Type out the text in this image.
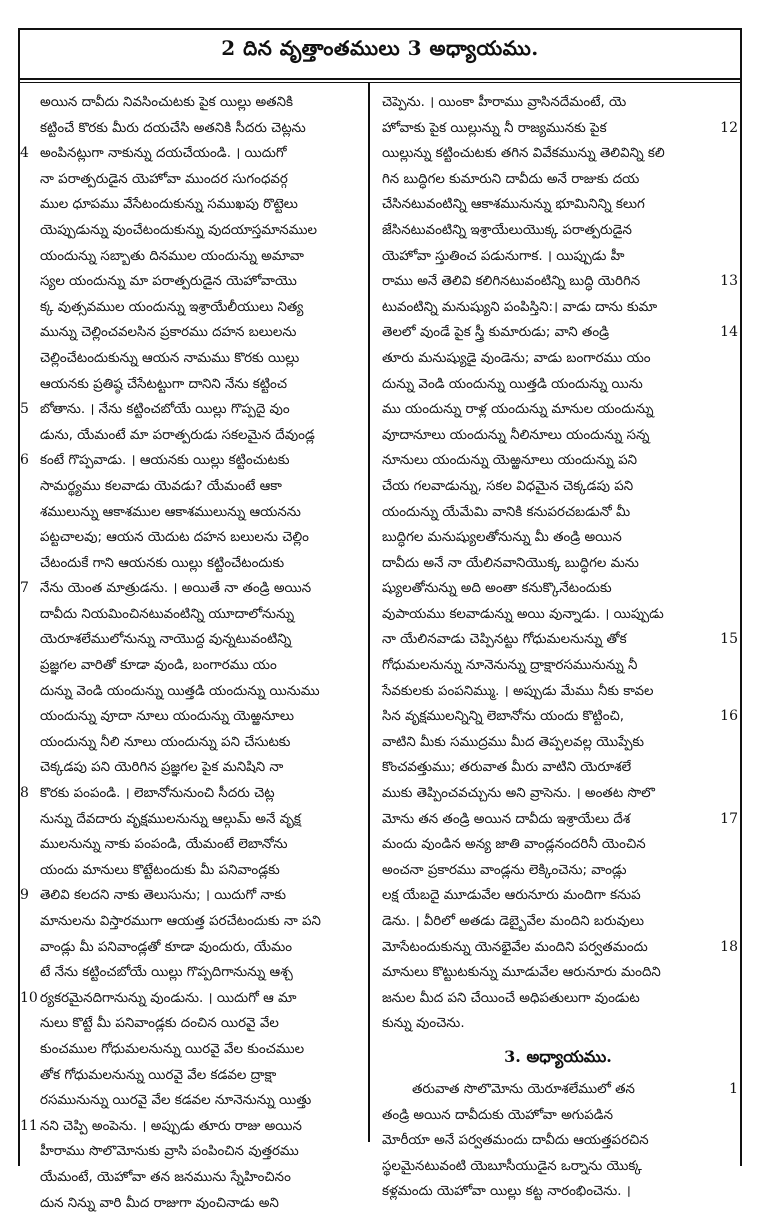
2 దిన వృత్తాంతములు 3 అధ్యాయము.
అయిన దావీదు నివసించుటకు పైక యిల్లు అతనికి
కట్టించే కొరకు మీరు దయచేసి అతనికి సీదరు చెట్లను
4 అంపినట్లుగా నాకున్ను దయచేయండి. । యిదుగో
నా పరాత్పరుడైన యెహోవా ముందర సుగంధవర్గ
ముల ధూపము వేసేటందుకున్ను సముఖపు రొట్టెలు
యెప్పుడున్ను వుంచేటందుకున్ను వుదయాస్తమానముల
యందున్ను సబ్బాతు దినముల యందున్ను అమావా
స్యల యందున్ను మా పరాత్పరుడైన యెహోవాయొ
క్క వుత్సవముల యందున్ను ఇశ్రాయేలీయులు నిత్య
మున్ను చెల్లించవలసిన ప్రకారము దహన బలులను
చెల్లించేటందుకున్ను ఆయన నామము కొరకు యిల్లు
ఆయనకు ప్రతిష్ఠ చేసేటట్టుగా దానిని నేను కట్టించ
5 బోతాను. । నేను కట్టించబోయే యిల్లు గొప్పదై వుం
డును, యేమంటే మా పరాత్పరుడు సకలమైన దేవుండ్ల
6 కంటే గొప్పవాడు. । ఆయనకు యిల్లు కట్టించుటకు
సామర్థ్యము కలవాడు యెవడు? యేమంటే ఆకా
శములున్ను ఆకాశముల ఆకాశములున్ను ఆయనను
పట్టచాలవు; ఆయన యెదుట దహన బలులను చెల్లిం
చేటందుకే గాని ఆయనకు యిల్లు కట్టించేటందుకు
7 నేను యెంత మాత్రుడను. । అయితే నా తండ్రి అయిన
దావీదు నియమించినటువంటిన్ని యూదాలోనున్ను
యెరూశలేములోనున్ను నాయొద్ద వున్నటువంటిన్ని
ప్రజ్ఞగల వారితో కూడా వుండి, బంగారము యం
దున్ను వెండి యందున్ను యిత్తడి యందున్ను యినుము
యందున్ను వూదా నూలు యందున్ను యెఱ్ఱనూలు
యందున్ను నీలి నూలు యందున్ను పని చేసుటకు
చెక్కడపు పని యెరిగిన ప్రజ్ఞగల పైక మనిషిని నా
8 కొరకు పంపండి. । లెబానోనునుంచి సీదరు చెట్ల
నున్ను దేవదారు వృక్షములనున్ను ఆల్గుమ్ అనే వృక్ష
ములనున్ను నాకు పంపండి, యేమంటే లెబానోను
యందు మానులు కొట్టేటందుకు మీ పనివాండ్లకు
9 తెలివి కలదని నాకు తెలుసును; । యిదుగో నాకు
మానులను విస్తారముగా ఆయత్త పరచేటందుకు నా పని
వాండ్లు మీ పనివాండ్లతో కూడా వుందురు, యేమం
టే నేను కట్టించబోయే యిల్లు గొప్పదిగానున్ను ఆశ్చ
10 ర్యకరమైనదిగానున్ను వుండును. । యిదుగో ఆ మా
నులు కొట్టే మీ పనివాండ్లకు దంచిన యిరవై వేల
కుంచముల గోధుమలనున్ను యిరవై వేల కుంచముల
తోక గోధుమలనున్ను యిరవై వేల కడవల ద్రాక్షా
రసమునున్ను యిరవై వేల కడవల నూనెనున్ను యిత్తు
11 నని చెప్పి అంపెను. । అప్పుడు తూరు రాజు అయిన
హీరాము సొలొమోనుకు వ్రాసి పంపించిన వుత్తరము
యేమంటే, యెహోవా తన జనమును స్నేహించినం
దున నిన్ను వారి మీద రాజుగా వుంచినాడు అని
చెప్పెను. । యింకా హీరాము వ్రాసినదేమంటే, యె
12
హోవాకు పైక యిల్లున్ను నీ రాజ్యమునకు పైక
యిల్లున్ను కట్టించుటకు తగిన వివేకమున్ను తెలివిన్ని కలి
గిన బుద్ధిగల కుమారుని దావీదు అనే రాజుకు దయ
చేసినటువంటిన్ని ఆకాశమునున్ను భూమినిన్ని కలుగ
జేసినటువంటిన్ని ఇశ్రాయేలుయొక్క పరాత్పరుడైన
యెహోవా స్తుతించ పడునుగాక. । యిప్పుడు హీ
13
రాము అనే తెలివి కలిగినటువంటిన్ని బుద్ధి యెరిగిన
టువంటిన్ని మనుష్యుని పంపిస్తిని:। వాడు దాను కుమా
14
తెలలో వుండే పైక స్త్రీ కుమారుడు; వాని తండ్రి
తూరు మనుష్యుడై వుండెను; వాడు బంగారము యం
దున్ను వెండి యందున్ను యిత్తడి యందున్ను యిను
ము యందున్ను రాళ్ల యందున్ను మానుల యందున్ను
వూదానూలు యందున్ను నీలినూలు యందున్ను సన్న
నూనులు యందున్ను యెఱ్ఱనూలు యందున్ను పని
చేయ గలవాడున్ను, సకల విధమైన చెక్కడపు పని
యందున్ను యేమేమి వానికి కనుపరచబడునో మీ
బుద్ధిగల మనుష్యులతోనున్ను మీ తండ్రి అయిన
దావీదు అనే నా యేలినవానియొక్క బుద్ధిగల మను
ష్యులతోనున్ను అది అంతా కనుక్కొనేటందుకు
వుపాయము కలవాడున్ను అయి వున్నాడు. । యిప్పుడు
15
నా యేలినవాడు చెప్పినట్టు గోధుమలనున్ను తోక
గోధుమలనున్ను నూనెనున్ను ద్రాక్షారసమునున్ను నీ
సేవకులకు పంపనిమ్ము. । అప్పుడు మేము నీకు కావల
16
సిన వృక్షములన్నిన్ని లెబానోను యందు కొట్టించి,
వాటిని మీకు సముద్రము మీద తెప్పలవల్ల యొప్పేకు
కొంచవత్తుము; తరువాత మీరు వాటిని యెరూశలే
ముకు తెప్పించవచ్చును అని వ్రాసెను. । అంతట సొలొ
17
మోను తన తండ్రి అయిన దావీదు ఇశ్రాయేలు దేశ
మందు వుండిన అన్య జాతి వాండ్లనందరినీ యెంచిన
అంచనా ప్రకారము వాండ్లను లెక్కించెను; వాండ్లు
లక్ష యేబదై మూడువేల ఆరునూరు మందిగా కనుప
డెను. । వీరిలో అతడు డెబ్బైవేల మందిని బరువులు
18
మోసేటందుకున్ను యెనభైవేల మందిని పర్వతమందు
మానులు కొట్టుటకున్ను మూడువేల ఆరునూరు మందిని
జనుల మీద పని చేయించే అధిపతులుగా వుండుట
కున్ను వుంచెను.
3. అధ్యాయము.
1
తరువాత సొలొమోను యెరూశలేములో తన
తండ్రి అయిన దావీదుకు యెహోవా అగుపడిన
మోరీయా అనే పర్వతమందు దావీదు ఆయత్తపరచిన
స్థలమైనటువంటి యెబూసీయుడైన ఒర్నాను యొక్క
కళ్లమందు యెహోవా యిల్లు కట్ట నారంభించెను. ।
